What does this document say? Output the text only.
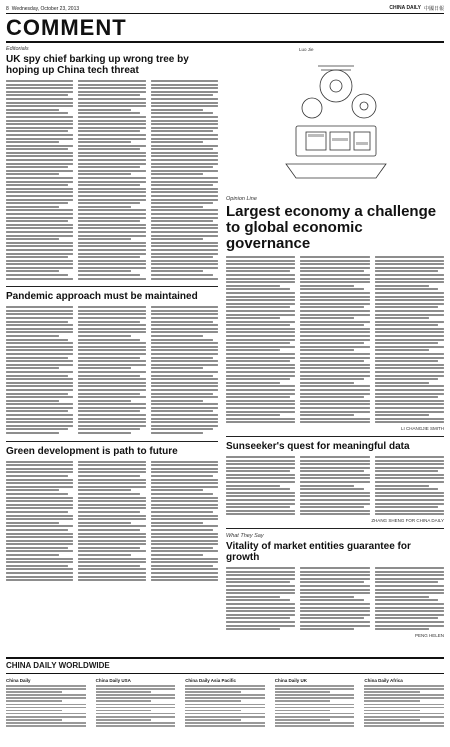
8 Wednesday, October 23, 2013	CHINA DAILY 中國日報
COMMENT
Editorials
UK spy chief barking up wrong tree by hoping up China tech threat
Pandemic approach must be maintained
Green development is path to future
Luo Jie
Opinion Line
Largest economy a challenge to global economic governance
LI CHANGJIE SMITH
Sunseeker's quest for meaningful data
ZHANG SHENG FOR CHINA DAILY
What They Say
Vitality of market entities guarantee for growth
PENG HELEN
CHINA DAILY WORLDWIDE
China Daily	China Daily USA	China Daily Asia Pacific	China Daily UK	China Daily Africa
